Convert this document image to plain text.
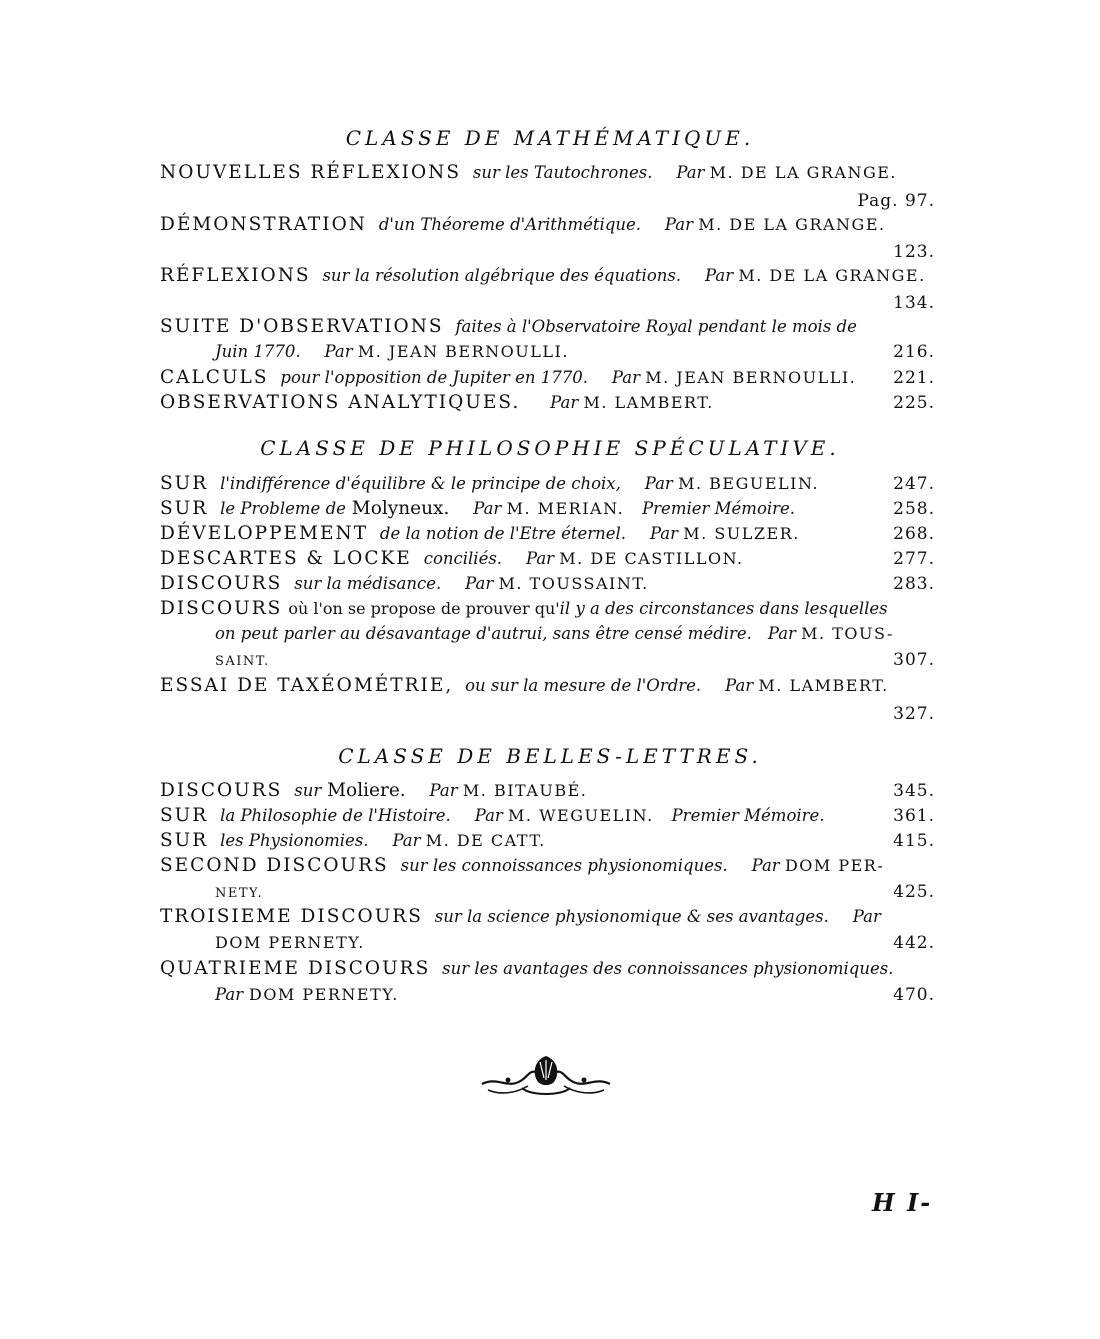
CLASSE DE MATHÉMATIQUE.
NOUVELLES RÉFLEXIONS sur les Tautochrones. Par M. DE LA GRANGE.
Pag. 97.
DÉMONSTRATION d'un Théoreme d'Arithmétique. Par M. DE LA GRANGE.
123.
RÉFLEXIONS sur la résolution algébrique des équations. Par M. DE LA GRANGE.
134.
SUITE D'OBSERVATIONS faites à l'Observatoire Royal pendant le mois de
Juin 1770. Par M. JEAN BERNOULLI.	216.
CALCULS pour l'opposition de Jupiter en 1770. Par M. JEAN BERNOULLI. 221.
OBSERVATIONS ANALYTIQUES. Par M. LAMBERT.	225.
CLASSE DE PHILOSOPHIE SPÉCULATIVE.
SUR l'indifférence d'équilibre & le principe de choix, Par M. BEGUELIN.	247.
SUR le Probleme de Molyneux. Par M. MERIAN. Premier Mémoire.	258.
DÉVELOPPEMENT de la notion de l'Etre éternel. Par M. SULZER.	268.
DESCARTES & LOCKE conciliés. Par M. DE CASTILLON.	277.
DISCOURS sur la médisance. Par M. TOUSSAINT.	283.
DISCOURS où l'on se propose de prouver qu'il y a des circonstances dans lesquelles
on peut parler au désavantage d'autrui, sans être censé médire. Par M. TOUS-
SAINT.	307.
ESSAI DE TAXÉOMÉTRIE, ou sur la mesure de l'Ordre. Par M. LAMBERT.
327.
CLASSE DE BELLES-LETTRES.
DISCOURS sur Moliere. Par M. BITAUBÉ.	345.
SUR la Philosophie de l'Histoire. Par M. WEGUELIN. Premier Mémoire.	361.
SUR les Physionomies. Par M. DE CATT.	415.
SECOND DISCOURS sur les connoissances physionomiques. Par DOM PER-
NETY.	425.
TROISIEME DISCOURS sur la science physionomique & ses avantages. Par
DOM PERNETY.	442.
QUATRIEME DISCOURS sur les avantages des connoissances physionomiques.
Par DOM PERNETY.	470.
H I-
